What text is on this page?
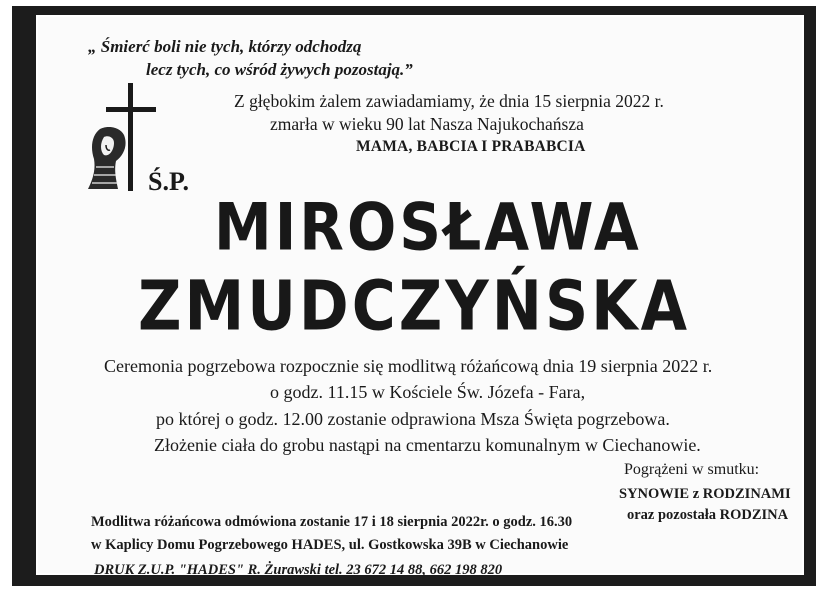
„ Śmierć boli nie tych, którzy odchodzą
lecz tych, co wśród żywych pozostają.”
Z głębokim żalem zawiadamiamy, że dnia 15 sierpnia 2022 r.
zmarła w wieku 90 lat Nasza Najukochańsza
MAMA, BABCIA I PRABABCIA
Ś.P.
MIROSŁAWA
ZMUDCZYŃSKA
Ceremonia pogrzebowa rozpocznie się modlitwą różańcową dnia 19 sierpnia 2022 r.
o godz. 11.15 w Kościele Św. Józefa - Fara,
po której o godz. 12.00 zostanie odprawiona Msza Święta pogrzebowa.
Złożenie ciała do grobu nastąpi na cmentarzu komunalnym w Ciechanowie.
Pogrążeni w smutku:
SYNOWIE z RODZINAMI
oraz pozostała RODZINA
Modlitwa różańcowa odmówiona zostanie 17 i 18 sierpnia 2022r. o godz. 16.30
w Kaplicy Domu Pogrzebowego HADES, ul. Gostkowska 39B w Ciechanowie
DRUK Z.U.P. "HADES" R. Żurawski tel. 23 672 14 88, 662 198 820
